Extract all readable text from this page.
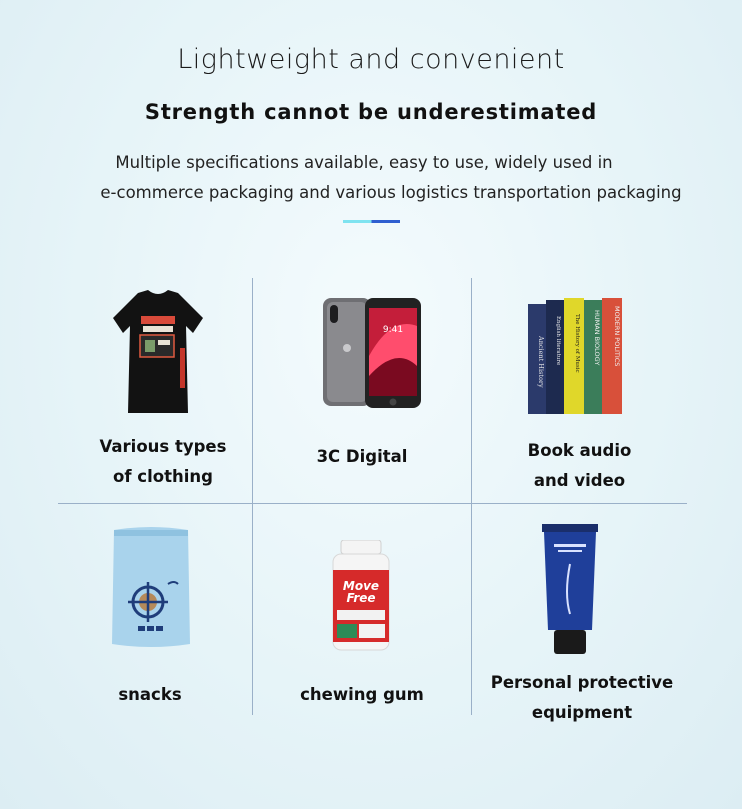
Lightweight and convenient
Strength cannot be underestimated
Multiple specifications available, easy to use, widely used in
e-commerce packaging and various logistics transportation packaging
Various types
of clothing
9:41
3C Digital
Ancient History English literature The History of Music HUMAN BIOLOGY MODERN POLITICS
Book audio
and video
snacks
Move
Free
chewing gum
Personal protective
equipment
